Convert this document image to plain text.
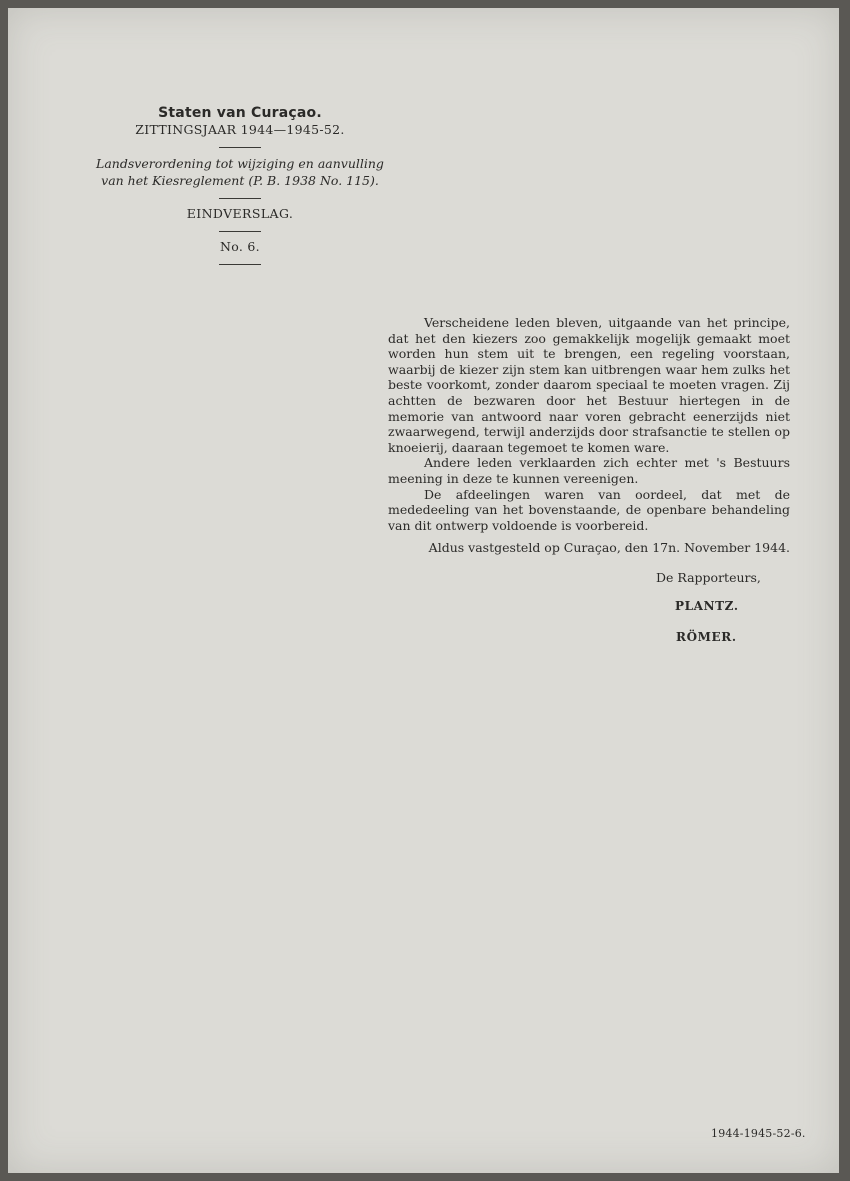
Staten van Curaçao.

ZITTINGSJAAR 1944—1945-52.

Landsverordening tot wijziging en aanvulling

van het Kiesreglement (P. B. 1938 No. 115).

EINDVERSLAG.

No. 6.

Verscheidene leden bleven, uitgaande van het principe, dat het den kiezers zoo gemakkelijk mogelijk gemaakt moet worden hun stem uit te brengen, een regeling voorstaan, waarbij de kiezer zijn stem kan uitbrengen waar hem zulks het beste voorkomt, zonder daarom speciaal te moeten vragen. Zij achtten de bezwaren door het Bestuur hiertegen in de memorie van antwoord naar voren gebracht eenerzijds niet zwaarwegend, terwijl anderzijds door strafsanctie te stellen op knoeierij, daaraan tegemoet te komen ware.

Andere leden verklaarden zich echter met 's Bestuurs meening in deze te kunnen vereenigen.

De afdeelingen waren van oordeel, dat met de mededeeling van het bovenstaande, de openbare behandeling van dit ontwerp voldoende is voorbereid.

Aldus vastgesteld op Curaçao, den 17n. November 1944.

De Rapporteurs,

PLANTZ.

RÖMER.

1944-1945-52-6.
